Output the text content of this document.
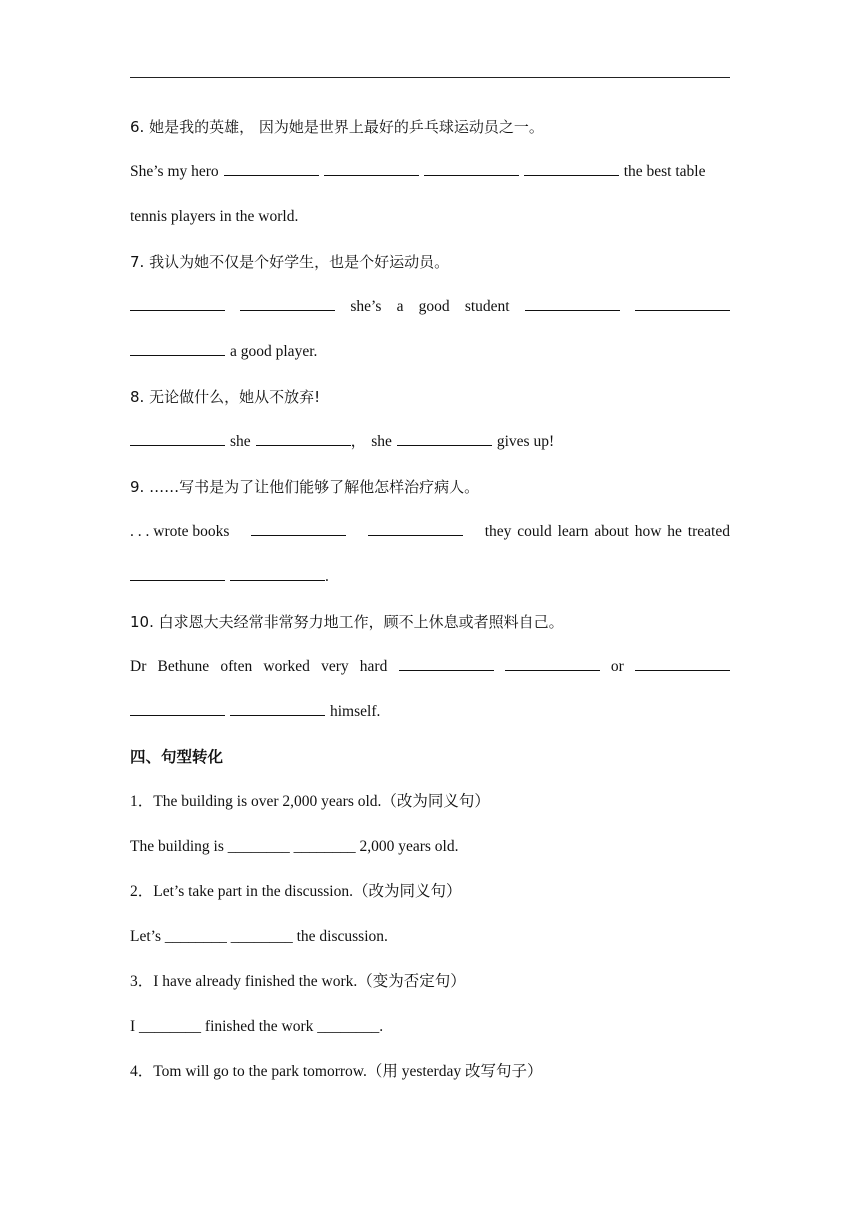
6. 她是我的英雄， 因为她是世界上最好的乒乓球运动员之一。
She’s my hero	the best table
tennis players in the world.
7. 我认为她不仅是个好学生，也是个好运动员。
she’s a good student
a good player.
8. 无论做什么，她从不放弃!
she	， she	gives up!
9. ……写书是为了让他们能够了解他怎样治疗病人。
. . . wrote books	they could learn about how he treated
.
10. 白求恩大夫经常非常努力地工作，顾不上休息或者照料自己。
Dr Bethune often worked very hard	or
himself.
四、句型转化
1．The building is over 2,000 years old.（改为同义句）
The building is ________ ________ 2,000 years old.
2．Let’s take part in the discussion.（改为同义句）
Let’s ________ ________ the discussion.
3．I have already finished the work.（变为否定句）
I ________ finished the work ________.
4．Tom will go to the park tomorrow.（用 yesterday 改写句子）
